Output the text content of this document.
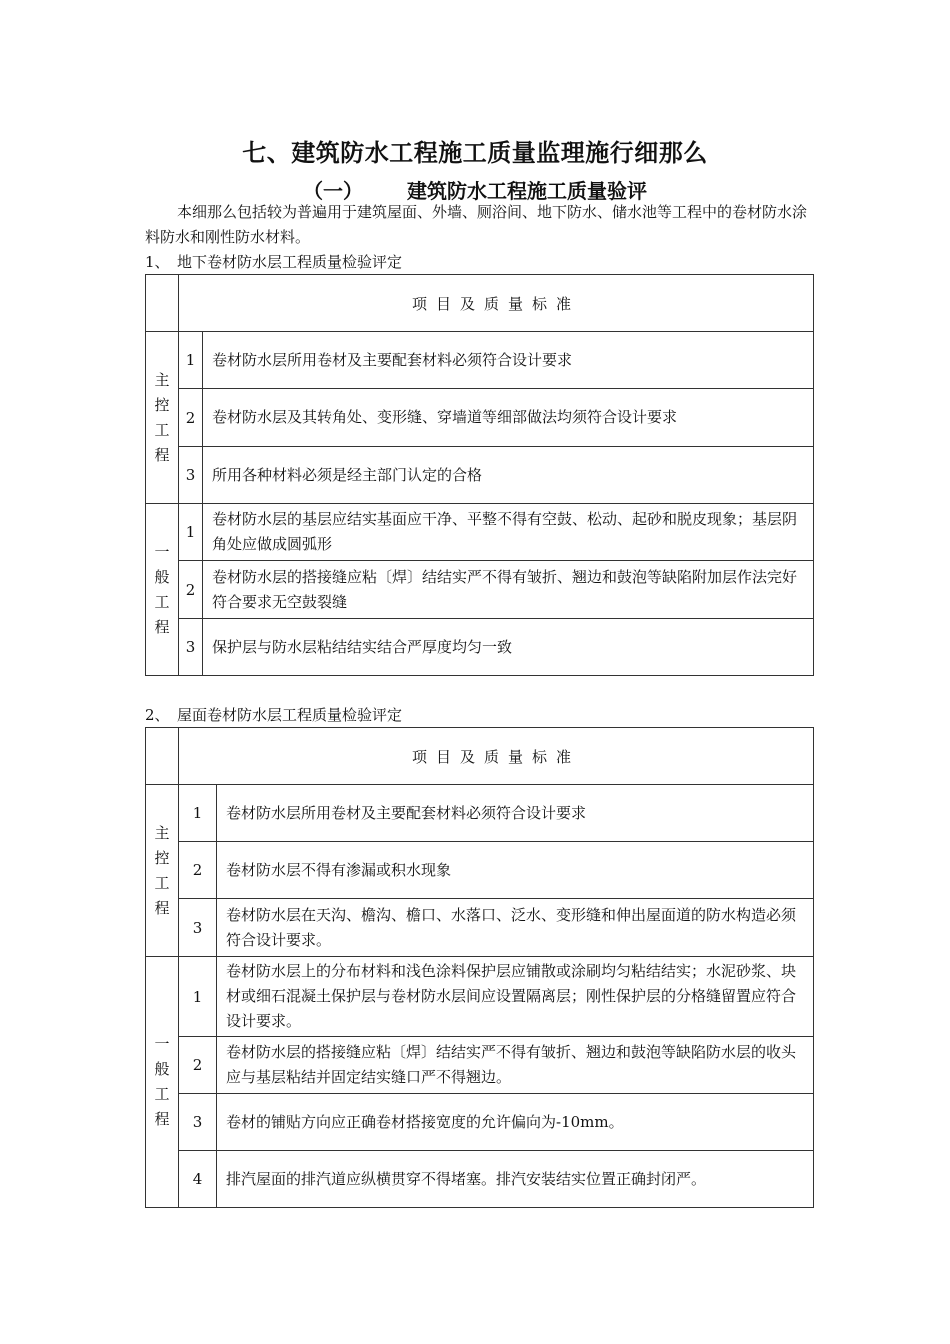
七、建筑防水工程施工质量监理施行细那么
（一） 建筑防水工程施工质量验评
本细那么包括较为普遍用于建筑屋面、外墙、厕浴间、地下防水、储水池等工程中的卷材防水涂料防水和刚性防水材料。
1、　地下卷材防水层工程质量检验评定
	项目及质量标准	

主控工程	1	卷材防水层所用卷材及主要配套材料必须符合设计要求
	2	卷材防水层及其转角处、变形缝、穿墙道等细部做法均须符合设计要求
	3	所用各种材料必须是经主部门认定的合格

一般工程	1	卷材防水层的基层应结实基面应干净、平整不得有空鼓、松动、起砂和脱皮现象；基层阴角处应做成圆弧形
	2	卷材防水层的搭接缝应粘〔焊〕结结实严不得有皱折、翘边和鼓泡等缺陷附加层作法完好符合要求无空鼓裂缝
	3	保护层与防水层粘结结实结合严厚度均匀一致
2、　屋面卷材防水层工程质量检验评定
	项目及质量标准	

主控工程	1	卷材防水层所用卷材及主要配套材料必须符合设计要求
	2	卷材防水层不得有渗漏或积水现象
	3	卷材防水层在天沟、檐沟、檐口、水落口、泛水、变形缝和伸出屋面道的防水构造必须符合设计要求。

一般工程	1	卷材防水层上的分布材料和浅色涂料保护层应铺散或涂刷均匀粘结结实；水泥砂浆、块材或细石混凝土保护层与卷材防水层间应设置隔离层；刚性保护层的分格缝留置应符合设计要求。
	2	卷材防水层的搭接缝应粘〔焊〕结结实严不得有皱折、翘边和鼓泡等缺陷防水层的收头应与基层粘结并固定结实缝口严不得翘边。
	3	卷材的铺贴方向应正确卷材搭接宽度的允许偏向为-10mm。
	4	排汽屋面的排汽道应纵横贯穿不得堵塞。排汽安装结实位置正确封闭严。
